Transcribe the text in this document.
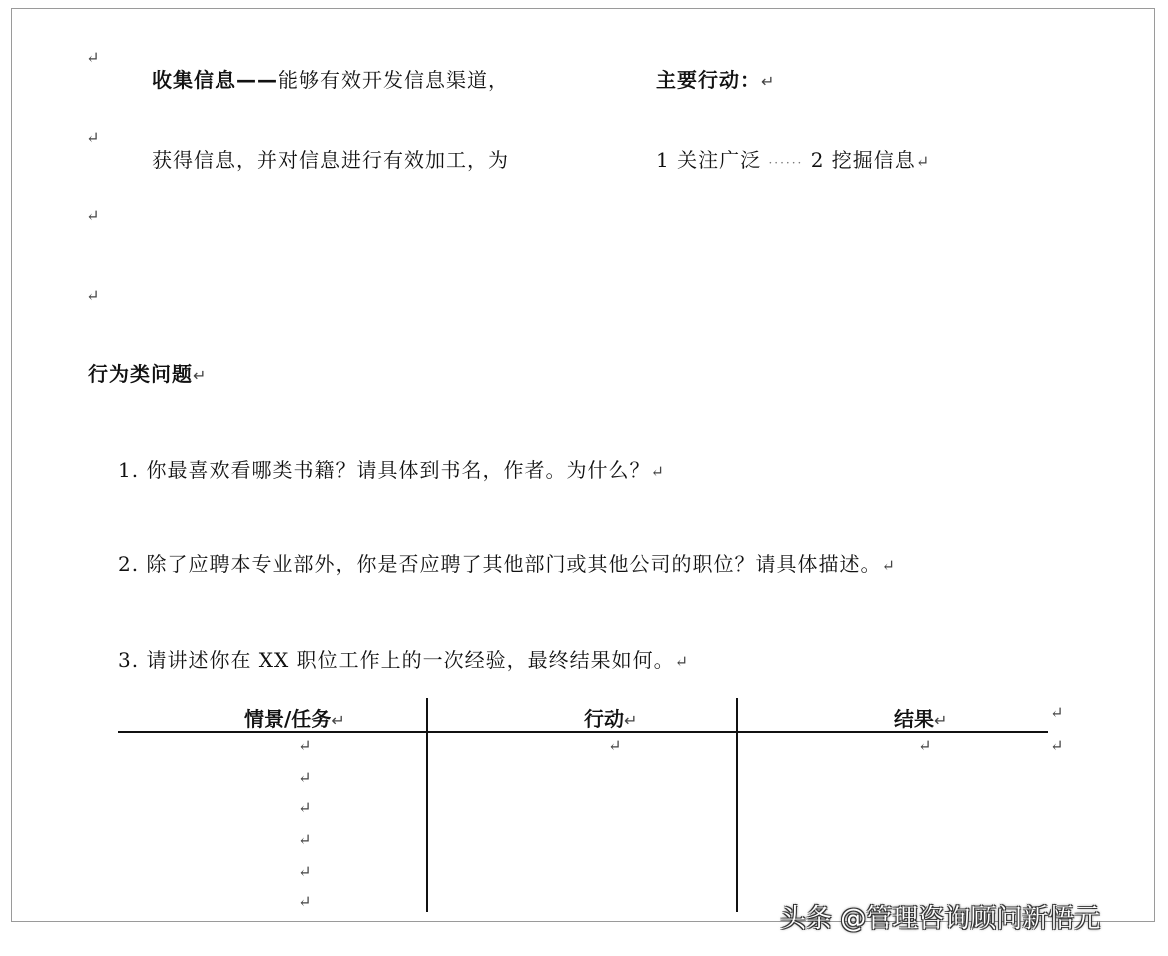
↵
↵
↵
↵
收集信息——能够有效开发信息渠道，	主要行动：↵
获得信息，并对信息进行有效加工，为	1 关注广泛 ······ 2 挖掘信息↵
行为类问题↵
1. 你最喜欢看哪类书籍？请具体到书名，作者。为什么？↵
2. 除了应聘本专业部外，你是否应聘了其他部门或其他公司的职位？请具体描述。↵
3. 请讲述你在 XX 职位工作上的一次经验，最终结果如何。↵
情景/任务↵	行动↵	结果↵	↵
↵
↵	↵	↵
↵
↵
↵
↵
↵
头条 @管理咨询顾问新悟元
